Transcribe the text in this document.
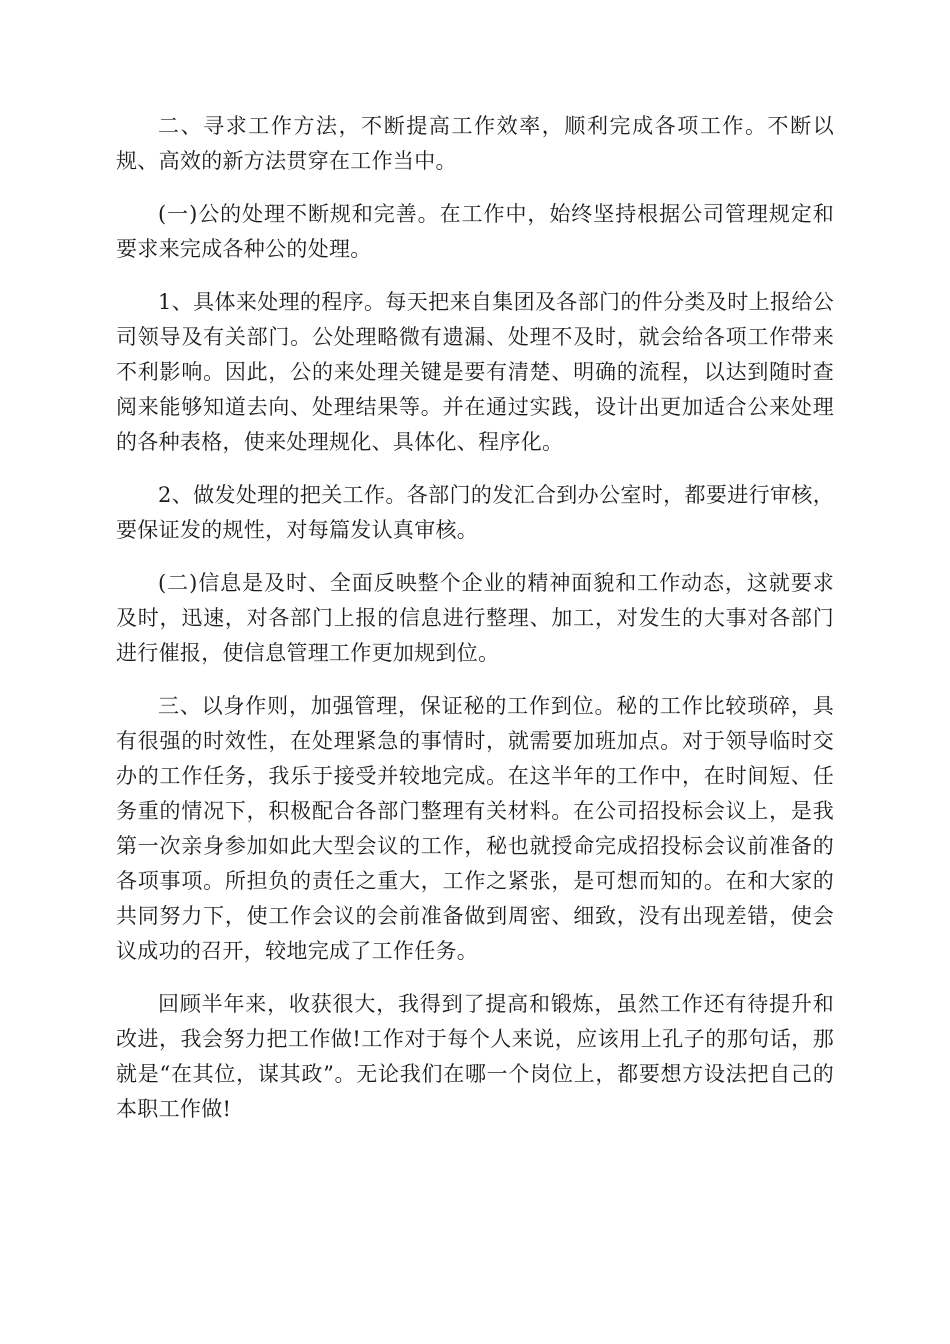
二、寻求工作方法，不断提高工作效率，顺利完成各项工作。不断以规、高效的新方法贯穿在工作当中。

(一)公的处理不断规和完善。在工作中，始终坚持根据公司管理规定和要求来完成各种公的处理。

1、具体来处理的程序。每天把来自集团及各部门的件分类及时上报给公司领导及有关部门。公处理略微有遗漏、处理不及时，就会给各项工作带来不利影响。因此，公的来处理关键是要有清楚、明确的流程，以达到随时查阅来能够知道去向、处理结果等。并在通过实践，设计出更加适合公来处理的各种表格，使来处理规化、具体化、程序化。

2、做发处理的把关工作。各部门的发汇合到办公室时，都要进行审核，要保证发的规性，对每篇发认真审核。

(二)信息是及时、全面反映整个企业的精神面貌和工作动态，这就要求及时，迅速，对各部门上报的信息进行整理、加工，对发生的大事对各部门进行催报，使信息管理工作更加规到位。

三、以身作则，加强管理，保证秘的工作到位。秘的工作比较琐碎，具有很强的时效性，在处理紧急的事情时，就需要加班加点。对于领导临时交办的工作任务，我乐于接受并较地完成。在这半年的工作中，在时间短、任务重的情况下，积极配合各部门整理有关材料。在公司招投标会议上，是我第一次亲身参加如此大型会议的工作，秘也就授命完成招投标会议前准备的各项事项。所担负的责任之重大，工作之紧张，是可想而知的。在和大家的共同努力下，使工作会议的会前准备做到周密、细致，没有出现差错，使会议成功的召开，较地完成了工作任务。

回顾半年来，收获很大，我得到了提高和锻炼，虽然工作还有待提升和改进，我会努力把工作做!工作对于每个人来说，应该用上孔子的那句话，那就是“在其位，谋其政”。无论我们在哪一个岗位上，都要想方设法把自己的本职工作做!
